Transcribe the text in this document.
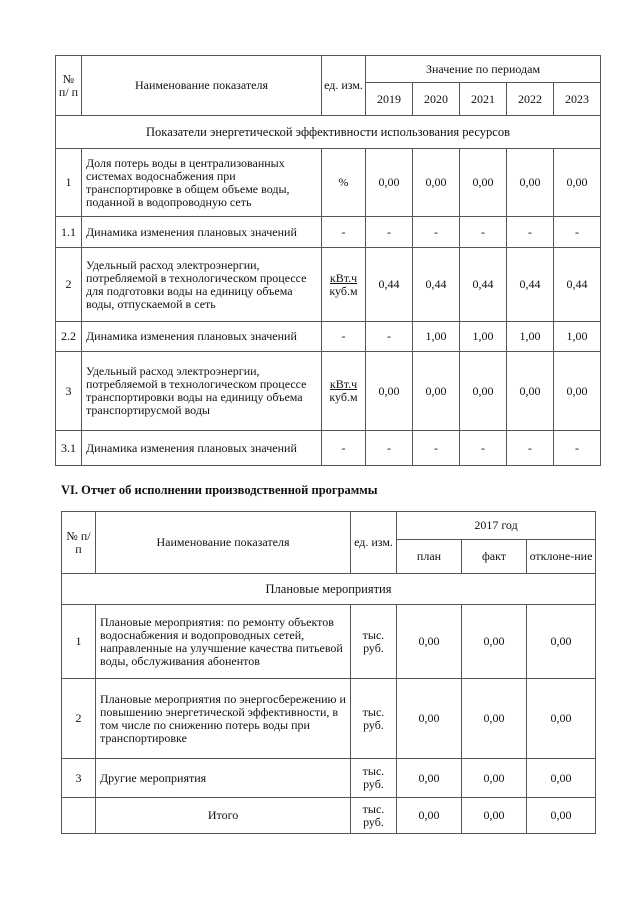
№ п/ п	Наименование показателя	ед. изм.	Значение по периодам				
			2019	2020	2021	2022	2023
Показатели энергетической эффективности использования ресурсов							
1	Доля потерь воды в централизованных системах водоснабжения при транспортировке в общем объеме воды, поданной в водопроводную сеть	%	0,00	0,00	0,00	0,00	0,00
1.1	Динамика изменения плановых значений	-	-	-	-	-	-
2	Удельный расход электроэнергии, потребляемой в технологическом процессе для подготовки воды на единицу объема воды, отпускаемой в сеть	кВт.ч
куб.м	0,44	0,44	0,44	0,44	0,44
2.2	Динамика изменения плановых значений	-	-	1,00	1,00	1,00	1,00
3	Удельный расход электроэнергии, потребляемой в технологическом процессе транспортировки воды на единицу объема транспортирусмой воды	кВт.ч
куб.м	0,00	0,00	0,00	0,00	0,00
3.1	Динамика изменения плановых значений	-	-	-	-	-	-
VI. Отчет об исполнении производственной программы
№ п/п	Наименование показателя	ед. изм.	2017 год		
			план	факт	отклоне-ние
Плановые мероприятия					
1	Плановые мероприятия: по ремонту объектов водоснабжения и водопроводных сетей, направленные на улучшение качества питьевой воды, обслуживания абонентов	тыс. руб.	0,00	0,00	0,00
2	Плановые мероприятия по энергосбережению и повышению энергетической эффективности, в том числе по снижению потерь воды при транспортировке	тыс. руб.	0,00	0,00	0,00
3	Другие мероприятия	тыс. руб.	0,00	0,00	0,00
	Итого	тыс. руб.	0,00	0,00	0,00
